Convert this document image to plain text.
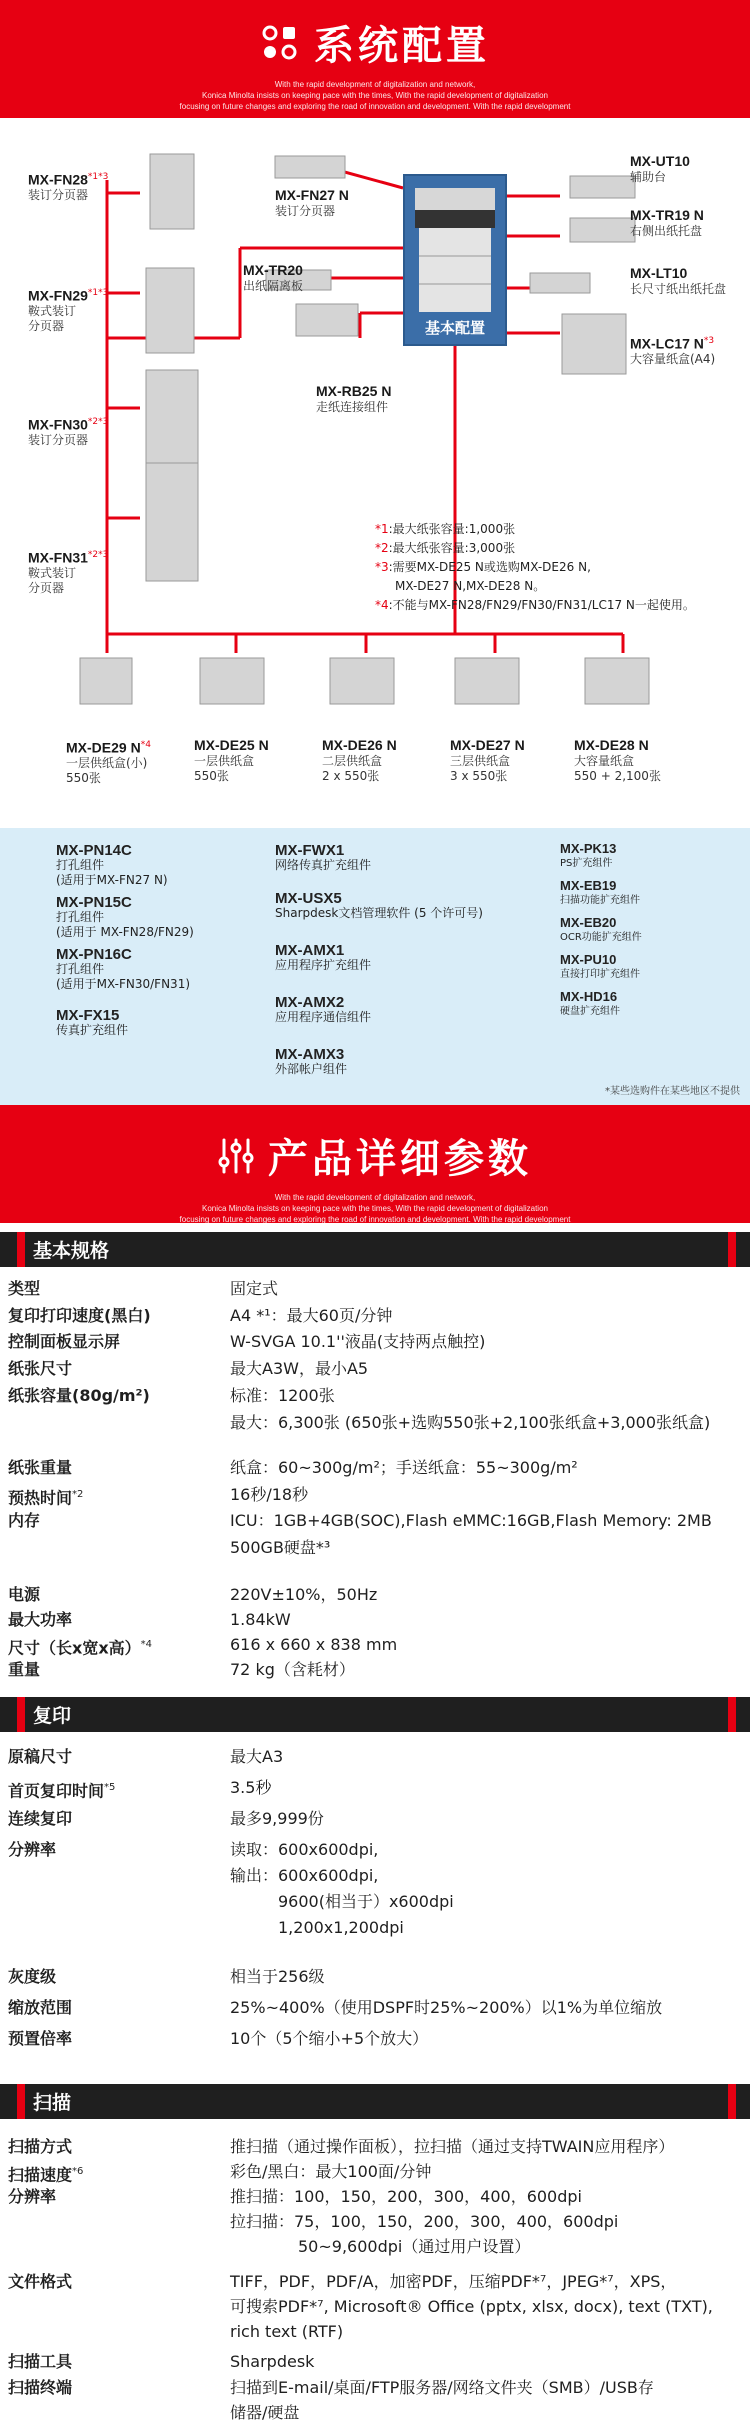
系统配置
With the rapid development of digitalization and network,
Konica Minolta insists on keeping pace with the times, With the rapid development of digitalization
focusing on future changes and exploring the road of innovation and development. With the rapid development
基本配置
$MX-FN28^{*1*3}$
装订分页器
$MX-FN29^{*1*3}$
鞍式装订
分页器
$MX-FN30^{*2*3}$
装订分页器
$MX-FN31^{*2*3}$
鞍式装订
分页器
MX-FN27 N
装订分页器
MX-TR20
出纸隔离板
MX-RB25 N
走纸连接组件
MX-UT10
辅助台
MX-TR19 N
右侧出纸托盘
MX-LT10
长尺寸纸出纸托盘
MX-LC17 $N^{*3}$
大容量纸盒(A4)
*1:最大纸张容量:1,000张
*2:最大纸张容量:3,000张
*3:需要MX-DE25 N或选购MX-DE26 N,
MX-DE27 N,MX-DE28 N。
*4:不能与MX-FN28/FN29/FN30/FN31/LC17 N一起使用。
MX-DE29 $N^{*4}$
一层供纸盒(小)
550张
MX-DE25 N
一层供纸盒
550张
MX-DE26 N
二层供纸盒
2 x 550张
MX-DE27 N
三层供纸盒
3 x 550张
MX-DE28 N
大容量纸盒
550 + 2,100张
MX-PN14C
打孔组件
(适用于MX-FN27 N)
MX-PN15C
打孔组件
(适用于 MX-FN28/FN29)
MX-PN16C
打孔组件
(适用于MX-FN30/FN31)
MX-FX15
传真扩充组件
MX-FWX1
网络传真扩充组件
MX-USX5
Sharpdesk文档管理软件 (5 个许可号)
MX-AMX1
应用程序扩充组件
MX-AMX2
应用程序通信组件
MX-AMX3
外部帐户组件
MX-PK13
PS扩充组件
MX-EB19
扫描功能扩充组件
MX-EB20
OCR功能扩充组件
MX-PU10
直接打印扩充组件
MX-HD16
硬盘扩充组件
*某些选购件在某些地区不提供
产品详细参数
With the rapid development of digitalization and network,
Konica Minolta insists on keeping pace with the times, With the rapid development of digitalization
focusing on future changes and exploring the road of innovation and development. With the rapid development
基本规格
类型	固定式
复印打印速度(黑白)	A4 *¹：最大60页/分钟
控制面板显示屏	W-SVGA 10.1''液晶(支持两点触控)
纸张尺寸	最大A3W，最小A5
纸张容量(80g/m²)	标准：1200张
最大：6,300张 (650张+选购550张+2,100张纸盒+3,000张纸盒)
纸张重量	纸盒：60~300g/m²；手送纸盒：55~300g/m²
预热时间$^{*2}$	16秒/18秒
内存	ICU：1GB+4GB(SOC),Flash eMMC:16GB,Flash Memory: 2MB
500GB硬盘*³
电源	220V±10%，50Hz
最大功率	1.84kW
尺寸（长x宽x高）$^{*4}$	616 x 660 x 838 mm
重量	72 kg（含耗材）
复印
原稿尺寸	最大A3
首页复印时间$^{*5}$	3.5秒
连续复印	最多9,999份
分辨率	读取：600x600dpi,
输出：600x600dpi,
9600(相当于）x600dpi
1,200x1,200dpi
灰度级	相当于256级
缩放范围	25%~400%（使用DSPF时25%~200%）以1%为单位缩放
预置倍率	10个（5个缩小+5个放大）
扫描
扫描方式	推扫描（通过操作面板），拉扫描（通过支持TWAIN应用程序）
扫描速度$^{*6}$	彩色/黑白：最大100面/分钟
分辨率	推扫描：100，150，200，300，400，600dpi
拉扫描：75，100，150，200，300，400，600dpi
50~9,600dpi（通过用户设置）
文件格式	TIFF，PDF，PDF/A，加密PDF，压缩PDF*⁷，JPEG*⁷，XPS，
可搜索PDF*⁷, Microsoft® Office (pptx, xlsx, docx), text (TXT),
rich text (RTF)
扫描工具	Sharpdesk
扫描终端	扫描到E-mail/桌面/FTP服务器/网络文件夹（SMB）/USB存
储器/硬盘
